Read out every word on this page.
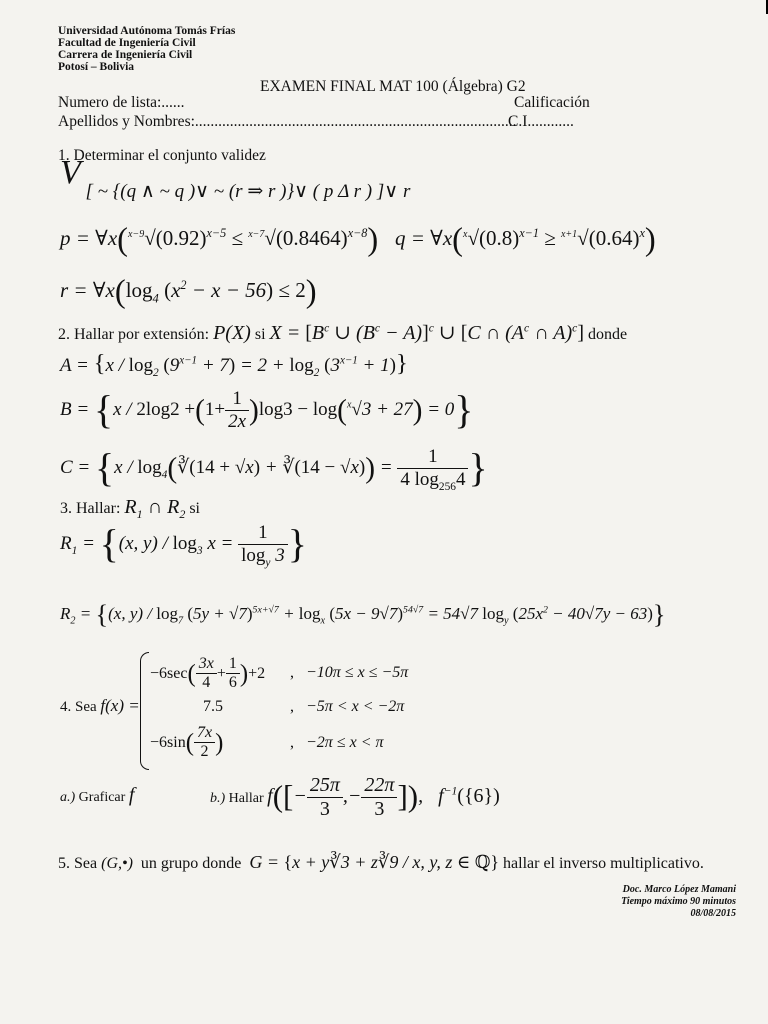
Universidad Autónoma Tomás Frías
Facultad de Ingeniería Civil
Carrera de Ingeniería Civil
Potosí – Bolivia
EXAMEN FINAL MAT 100 (Álgebra) G2
Numero de lista:......	Calificación
Apellidos y Nombres:...................................................................................
C.I............
1. Determinar el conjunto validez
V [ ~ {(q ∧ ~ q )∨ ~ (r ⇒ r )}∨ ( p Δ r ) ]∨ r
$p = \forall x(^{x-9}√(0.92)^{x-5} \le ^{x-7}√(0.8464)^{x-8}) q$ = $\forall x(^x√(0.8)^{x-1} \ge ^{x+1}√(0.64)^x)$
$r = \forall x(\log_4$ $(x^2 - x - 56) \le 2$)
2. Hallar por extensión: P(X) si $X = [B^c$ ∪ $(B^c - A)]^c$ ∪ [C ∩ ($A^c$ ∩ A)$^c$] donde
$A = \{x / \log_2 (9^{x-1} + 7) = 2 + \log_2 (3^{x-1} + 1)\}$
$B = \{x / 2\log 2 +(1+ \frac{1}{2x} )\log 3 - \log(^x√3 + 27) = 0\}$
$C = \{x / \log_4(∛(14 + √x)$ + ∛(14 − $√x)) = \frac{1}{4 \log_{256}4}$ }
3. Hallar: $R_1$ ∩ $R_2$ si
$R_1 = \{(x$, $y) / \log_3 x = \frac{1}{\log_y 3}$ }
$R_2 = \{(x$, $y) / \log_7 (5y + √7)^{5x+√7} + \log_x (5x - 9√7)^{54√7} = 54√7$ $\log_y (25x^2 - 40√7y - 63)$}
4. Sea f(x) =
$-6\sec( \frac{3x}{4} + \frac{1}{6} )+2$ ,   −10π ≤ x ≤ −5π
7.5	,   −5π < x < −2π
$-6\sin( \frac{7x}{2}$ )	,   −2π ≤ x < π
a.) Graficar f	b.) Hallar $f([- \frac{25\pi}{3}$ ,− $\frac{22\pi}{3}$ ]),   $f^{-1}(\{6\})$
5. Sea (G,•)  un grupo donde  G = {x + y∛3 + z∛9 / x, y, z ∈ ℚ} hallar el inverso multiplicativo.
Doc. Marco López Mamani
Tiempo máximo 90 minutos
08/08/2015
